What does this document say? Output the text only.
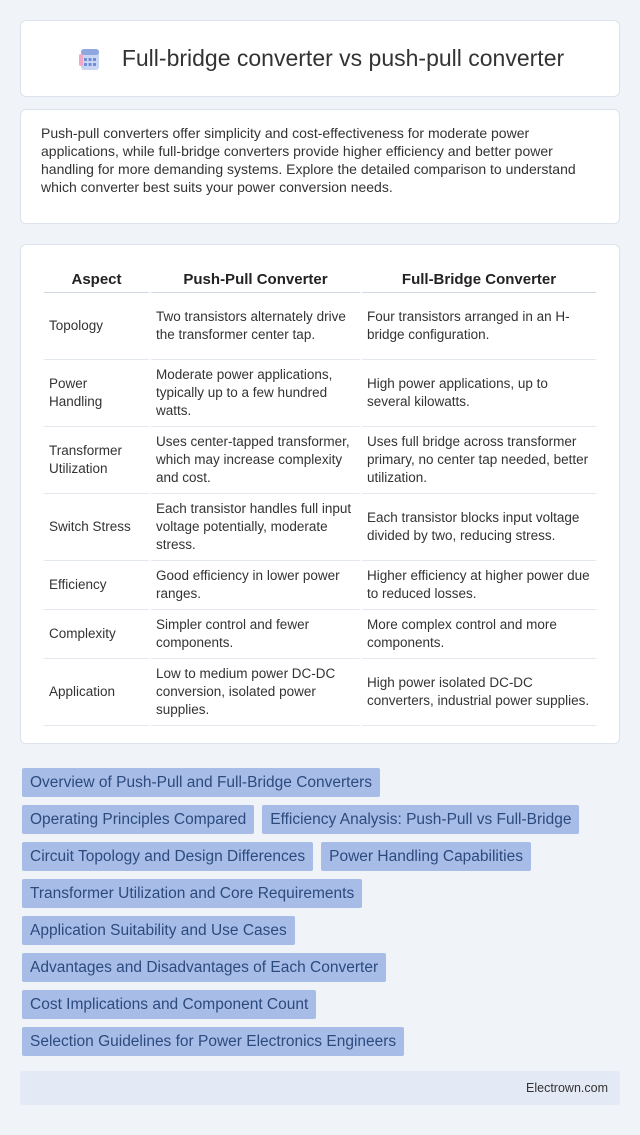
Full-bridge converter vs push-pull converter

Push-pull converters offer simplicity and cost-effectiveness for moderate power applications, while full-bridge converters provide higher efficiency and better power handling for more demanding systems. Explore the detailed comparison to understand which converter best suits your power conversion needs.

Aspect	Push-Pull Converter	Full-Bridge Converter
Topology	Two transistors alternately drive the transformer center tap.	Four transistors arranged in an H-bridge configuration.
Power Handling	Moderate power applications, typically up to a few hundred watts.	High power applications, up to several kilowatts.
Transformer Utilization	Uses center-tapped transformer, which may increase complexity and cost.	Uses full bridge across transformer primary, no center tap needed, better utilization.
Switch Stress	Each transistor handles full input voltage potentially, moderate stress.	Each transistor blocks input voltage divided by two, reducing stress.
Efficiency	Good efficiency in lower power ranges.	Higher efficiency at higher power due to reduced losses.
Complexity	Simpler control and fewer components.	More complex control and more components.
Application	Low to medium power DC-DC conversion, isolated power supplies.	High power isolated DC-DC converters, industrial power supplies.
Overview of Push-Pull and Full-Bridge Converters
Operating Principles Compared	Efficiency Analysis: Push-Pull vs Full-Bridge
Circuit Topology and Design Differences	Power Handling Capabilities
Transformer Utilization and Core Requirements
Application Suitability and Use Cases
Advantages and Disadvantages of Each Converter
Cost Implications and Component Count
Selection Guidelines for Power Electronics Engineers
Electrown.com
